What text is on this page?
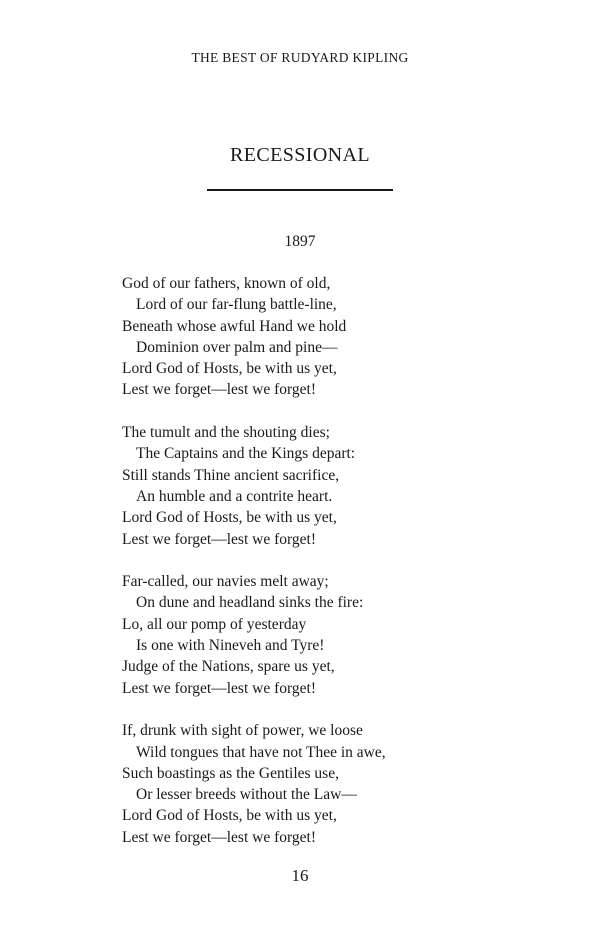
THE BEST OF RUDYARD KIPLING
RECESSIONAL
1897
God of our fathers, known of old,
Lord of our far-flung battle-line,
Beneath whose awful Hand we hold
Dominion over palm and pine—
Lord God of Hosts, be with us yet,
Lest we forget—lest we forget!
The tumult and the shouting dies;
The Captains and the Kings depart:
Still stands Thine ancient sacrifice,
An humble and a contrite heart.
Lord God of Hosts, be with us yet,
Lest we forget—lest we forget!
Far-called, our navies melt away;
On dune and headland sinks the fire:
Lo, all our pomp of yesterday
Is one with Nineveh and Tyre!
Judge of the Nations, spare us yet,
Lest we forget—lest we forget!
If, drunk with sight of power, we loose
Wild tongues that have not Thee in awe,
Such boastings as the Gentiles use,
Or lesser breeds without the Law—
Lord God of Hosts, be with us yet,
Lest we forget—lest we forget!
16
